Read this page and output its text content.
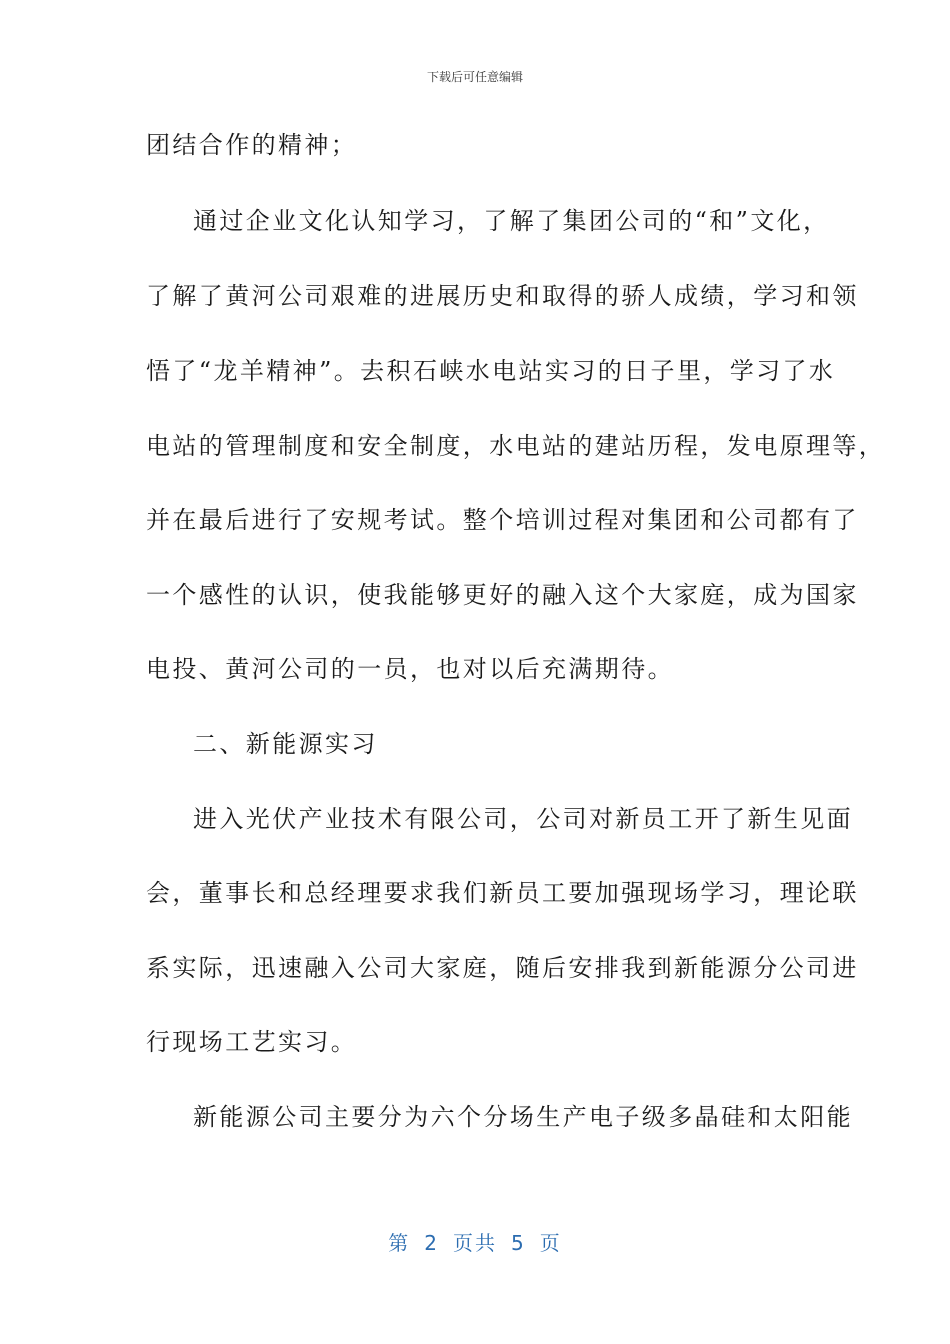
下载后可任意编辑
团结合作的精神；
通过企业文化认知学习，了解了集团公司的“和”文化，
了解了黄河公司艰难的进展历史和取得的骄人成绩，学习和领
悟了“龙羊精神”。去积石峡水电站实习的日子里，学习了水
电站的管理制度和安全制度，水电站的建站历程，发电原理等，
并在最后进行了安规考试。整个培训过程对集团和公司都有了
一个感性的认识，使我能够更好的融入这个大家庭，成为国家
电投、黄河公司的一员，也对以后充满期待。
二、新能源实习
进入光伏产业技术有限公司，公司对新员工开了新生见面
会，董事长和总经理要求我们新员工要加强现场学习，理论联
系实际，迅速融入公司大家庭，随后安排我到新能源分公司进
行现场工艺实习。
新能源公司主要分为六个分场生产电子级多晶硅和太阳能
第 2 页共 5 页
